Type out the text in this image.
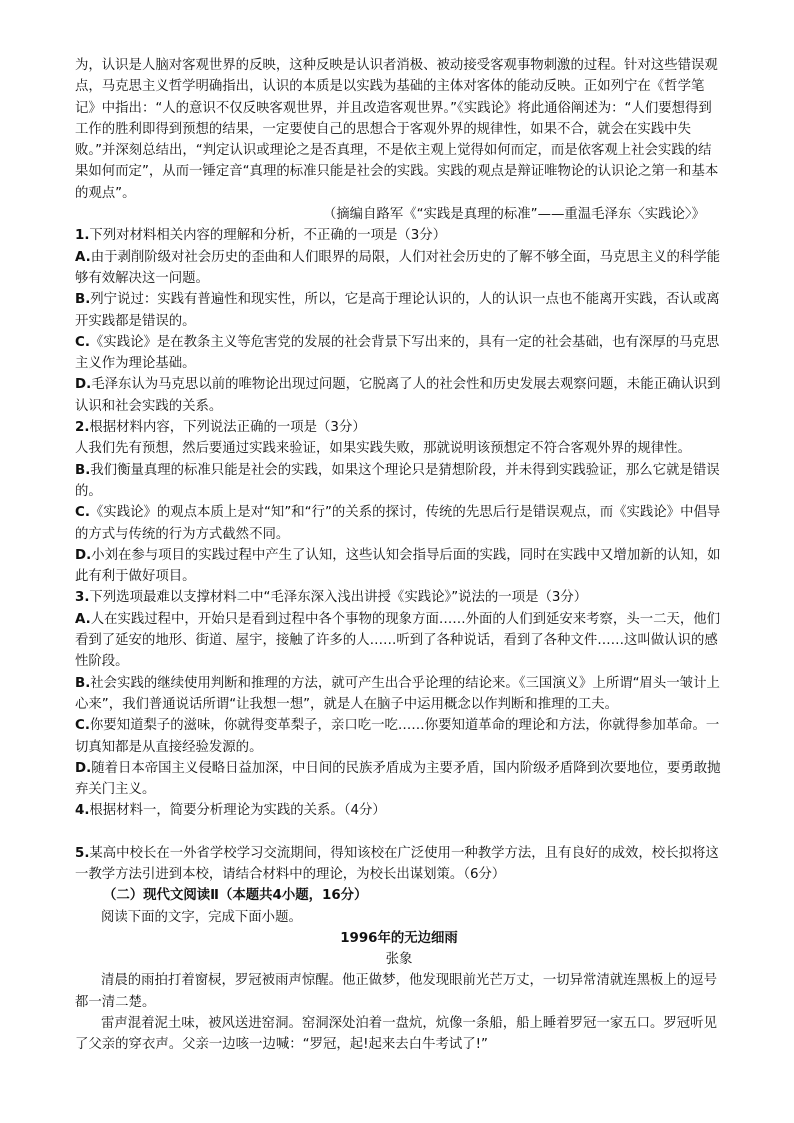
为，认识是人脑对客观世界的反映，这种反映是认识者消极、被动接受客观事物刺激的过程。针对这些错误观点，马克思主义哲学明确指出，认识的本质是以实践为基础的主体对客体的能动反映。正如列宁在《哲学笔记》中指出：“人的意识不仅反映客观世界，并且改造客观世界。”《实践论》将此通俗阐述为：“人们要想得到工作的胜利即得到预想的结果，一定要使自己的思想合于客观外界的规律性，如果不合，就会在实践中失败。”并深刻总结出，“判定认识或理论之是否真理，不是依主观上觉得如何而定，而是依客观上社会实践的结果如何而定”，从而一锤定音“真理的标准只能是社会的实践。实践的观点是辩证唯物论的认识论之第一和基本的观点”。

（摘编自路军《“实践是真理的标准”——重温毛泽东〈实践论〉》

1.下列对材料相关内容的理解和分析，不正确的一项是（3分）

A.由于剥削阶级对社会历史的歪曲和人们眼界的局限，人们对社会历史的了解不够全面，马克思主义的科学能够有效解决这一问题。

B.列宁说过：实践有普遍性和现实性，所以，它是高于理论认识的，人的认识一点也不能离开实践，否认或离开实践都是错误的。

C.《实践论》是在教条主义等危害党的发展的社会背景下写出来的，具有一定的社会基础，也有深厚的马克思主义作为理论基础。

D.毛泽东认为马克思以前的唯物论出现过问题，它脱离了人的社会性和历史发展去观察问题，未能正确认识到认识和社会实践的关系。

2.根据材料内容，下列说法正确的一项是（3分）

人我们先有预想，然后要通过实践来验证，如果实践失败，那就说明该预想定不符合客观外界的规律性。

B.我们衡量真理的标准只能是社会的实践，如果这个理论只是猜想阶段，并未得到实践验证，那么它就是错误的。

C.《实践论》的观点本质上是对“知”和“行”的关系的探讨，传统的先思后行是错误观点，而《实践论》中倡导的方式与传统的行为方式截然不同。

D.小刘在参与项目的实践过程中产生了认知，这些认知会指导后面的实践，同时在实践中又增加新的认知，如此有利于做好项目。

3.下列选项最难以支撑材料二中“毛泽东深入浅出讲授《实践论》”说法的一项是（3分）

A.人在实践过程中，开始只是看到过程中各个事物的现象方面……外面的人们到延安来考察，头一二天，他们看到了延安的地形、街道、屋宇，接触了许多的人……听到了各种说话，看到了各种文件……这叫做认识的感性阶段。

B.社会实践的继续使用判断和推理的方法，就可产生出合乎论理的结论来。《三国演义》上所谓“眉头一皱计上心来”，我们普通说话所谓“让我想一想”，就是人在脑子中运用概念以作判断和推理的工夫。

C.你要知道梨子的滋味，你就得变革梨子，亲口吃一吃……你要知道革命的理论和方法，你就得参加革命。一切真知都是从直接经验发源的。

D.随着日本帝国主义侵略日益加深，中日间的民族矛盾成为主要矛盾，国内阶级矛盾降到次要地位，要勇敢抛弃关门主义。

4.根据材料一，简要分析理论为实践的关系。（4分）

5.某高中校长在一外省学校学习交流期间，得知该校在广泛使用一种教学方法，且有良好的成效，校长拟将这一教学方法引进到本校，请结合材料中的理论，为校长出谋划策。（6分）

（二）现代文阅读Ⅱ（本题共4小题，16分）

阅读下面的文字，完成下面小题。

1996年的无边细雨

张象

清晨的雨拍打着窗棂，罗冠被雨声惊醒。他正做梦，他发现眼前光芒万丈，一切异常清就连黑板上的逗号都一清二楚。

雷声混着泥土味，被风送进窑洞。窑洞深处泊着一盘炕，炕像一条船，船上睡着罗冠一家五口。罗冠听见了父亲的穿衣声。父亲一边咳一边喊：“罗冠，起!起来去白牛考试了!”
